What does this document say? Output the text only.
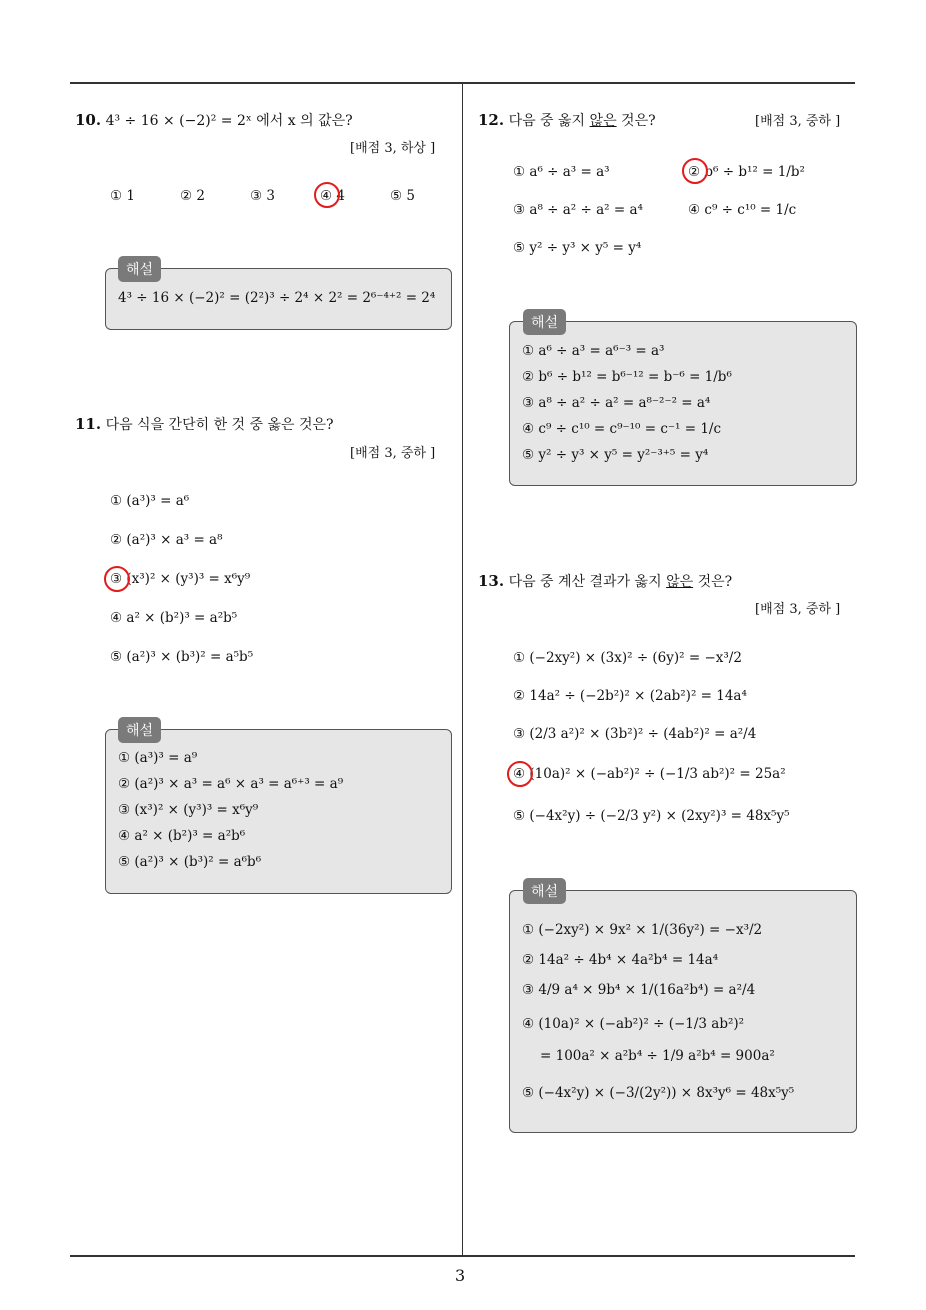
10. 4³ ÷ 16 × (−2)² = 2ˣ 에서 x 의 값은?
[배점 3, 하상 ]
① 1	② 2	③ 3	④ 4	⑤ 5
해설
4³ ÷ 16 × (−2)² = (2²)³ ÷ 2⁴ × 2² = 2⁶⁻⁴⁺² = 2⁴
11. 다음 식을 간단히 한 것 중 옳은 것은?
[배점 3, 중하 ]
① (a³)³ = a⁶
② (a²)³ × a³ = a⁸
③ (x³)² × (y³)³ = x⁶y⁹
④ a² × (b²)³ = a²b⁵
⑤ (a²)³ × (b³)² = a⁵b⁵
해설
① (a³)³ = a⁹
② (a²)³ × a³ = a⁶ × a³ = a⁶⁺³ = a⁹
③ (x³)² × (y³)³ = x⁶y⁹
④ a² × (b²)³ = a²b⁶
⑤ (a²)³ × (b³)² = a⁶b⁶
12. 다음 중 옳지 않은 것은?	[배점 3, 중하 ]
① a⁶ ÷ a³ = a³	② b⁶ ÷ b¹² = 1/b²
③ a⁸ ÷ a² ÷ a² = a⁴	④ c⁹ ÷ c¹⁰ = 1/c
⑤ y² ÷ y³ × y⁵ = y⁴
해설
① a⁶ ÷ a³ = a⁶⁻³ = a³
② b⁶ ÷ b¹² = b⁶⁻¹² = b⁻⁶ = 1/b⁶
③ a⁸ ÷ a² ÷ a² = a⁸⁻²⁻² = a⁴
④ c⁹ ÷ c¹⁰ = c⁹⁻¹⁰ = c⁻¹ = 1/c
⑤ y² ÷ y³ × y⁵ = y²⁻³⁺⁵ = y⁴
13. 다음 중 계산 결과가 옳지 않은 것은?
[배점 3, 중하 ]
① (−2xy²) × (3x)² ÷ (6y)² = −x³/2
② 14a² ÷ (−2b²)² × (2ab²)² = 14a⁴
③ (2/3 a²)² × (3b²)² ÷ (4ab²)² = a²/4
④ (10a)² × (−ab²)² ÷ (−1/3 ab²)² = 25a²
⑤ (−4x²y) ÷ (−2/3 y²) × (2xy²)³ = 48x⁵y⁵
해설
① (−2xy²) × 9x² × 1/(36y²) = −x³/2
② 14a² ÷ 4b⁴ × 4a²b⁴ = 14a⁴
③ 4/9 a⁴ × 9b⁴ × 1/(16a²b⁴) = a²/4
④ (10a)² × (−ab²)² ÷ (−1/3 ab²)²
= 100a² × a²b⁴ ÷ 1/9 a²b⁴ = 900a²
⑤ (−4x²y) × (−3/(2y²)) × 8x³y⁶ = 48x⁵y⁵
3
